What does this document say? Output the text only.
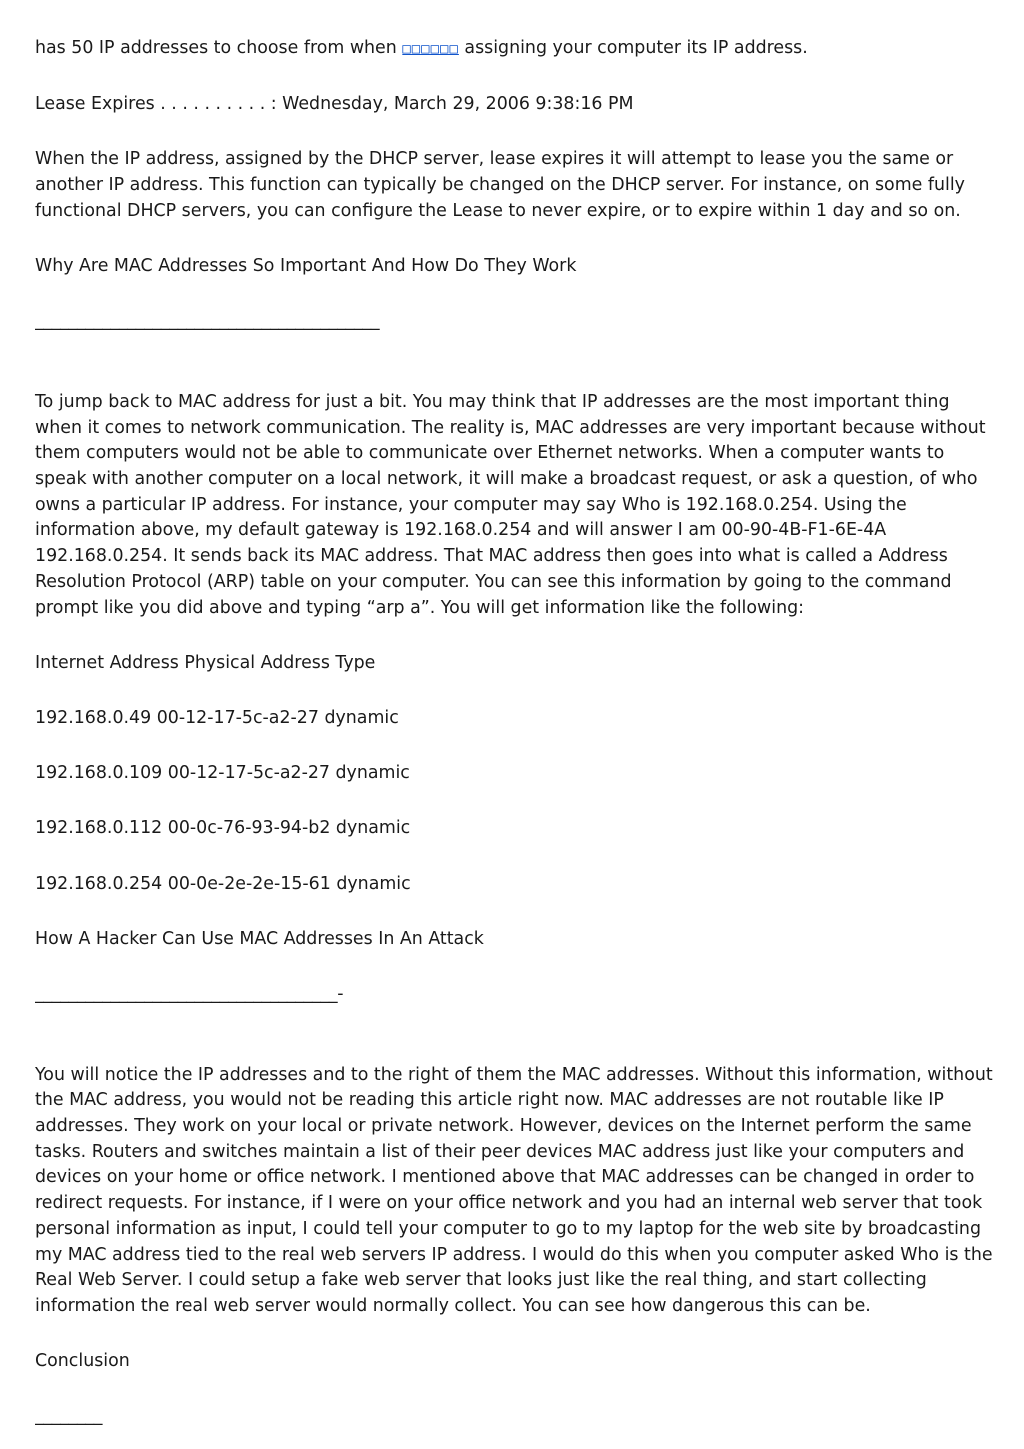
has 50 IP addresses to choose from when □□□□□□ assigning your computer its IP address.

Lease Expires . . . . . . . . . . : Wednesday, March 29, 2006 9:38:16 PM

When the IP address, assigned by the DHCP server, lease expires it will attempt to lease you the same or another IP address. This function can typically be changed on the DHCP server. For instance, on some fully functional DHCP servers, you can configure the Lease to never expire, or to expire within 1 day and so on.

Why Are MAC Addresses So Important And How Do They Work

_________________________________________

To jump back to MAC address for just a bit. You may think that IP addresses are the most important thing when it comes to network communication. The reality is, MAC addresses are very important because without them computers would not be able to communicate over Ethernet networks. When a computer wants to speak with another computer on a local network, it will make a broadcast request, or ask a question, of who owns a particular IP address. For instance, your computer may say Who is 192.168.0.254. Using the information above, my default gateway is 192.168.0.254 and will answer I am 00-90-4B-F1-6E-4A 192.168.0.254. It sends back its MAC address. That MAC address then goes into what is called a Address Resolution Protocol (ARP) table on your computer. You can see this information by going to the command prompt like you did above and typing “arp a”. You will get information like the following:

Internet Address Physical Address Type

192.168.0.49 00-12-17-5c-a2-27 dynamic

192.168.0.109 00-12-17-5c-a2-27 dynamic

192.168.0.112 00-0c-76-93-94-b2 dynamic

192.168.0.254 00-0e-2e-2e-15-61 dynamic

How A Hacker Can Use MAC Addresses In An Attack

____________________________________-

You will notice the IP addresses and to the right of them the MAC addresses. Without this information, without the MAC address, you would not be reading this article right now. MAC addresses are not routable like IP addresses. They work on your local or private network. However, devices on the Internet perform the same tasks. Routers and switches maintain a list of their peer devices MAC address just like your computers and devices on your home or office network. I mentioned above that MAC addresses can be changed in order to redirect requests. For instance, if I were on your office network and you had an internal web server that took personal information as input, I could tell your computer to go to my laptop for the web site by broadcasting my MAC address tied to the real web servers IP address. I would do this when you computer asked Who is the Real Web Server. I could setup a fake web server that looks just like the real thing, and start collecting information the real web server would normally collect. You can see how dangerous this can be.

Conclusion

________
